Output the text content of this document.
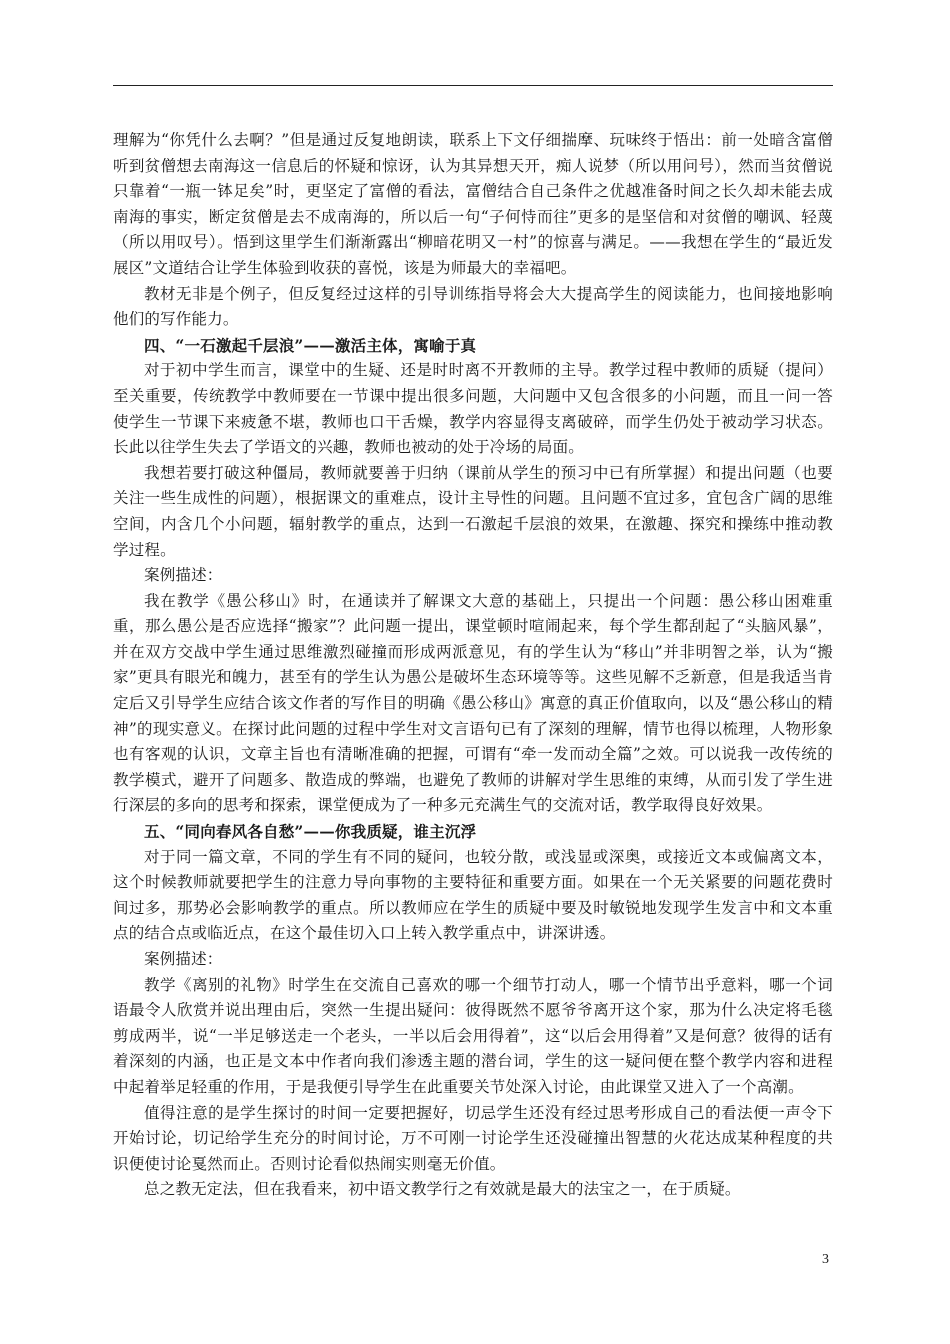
理解为“你凭什么去啊？”但是通过反复地朗读，联系上下文仔细揣摩、玩味终于悟出：前一处暗含富僧听到贫僧想去南海这一信息后的怀疑和惊讶，认为其异想天开，痴人说梦（所以用问号），然而当贫僧说只靠着“一瓶一钵足矣”时，更坚定了富僧的看法，富僧结合自己条件之优越准备时间之长久却未能去成南海的事实，断定贫僧是去不成南海的，所以后一句“子何恃而往”更多的是坚信和对贫僧的嘲讽、轻蔑（所以用叹号）。悟到这里学生们渐渐露出“柳暗花明又一村”的惊喜与满足。——我想在学生的“最近发展区”文道结合让学生体验到收获的喜悦，该是为师最大的幸福吧。

教材无非是个例子，但反复经过这样的引导训练指导将会大大提高学生的阅读能力，也间接地影响他们的写作能力。

四、“一石激起千层浪”——激活主体，寓喻于真

对于初中学生而言，课堂中的生疑、还是时时离不开教师的主导。教学过程中教师的质疑（提问）至关重要，传统教学中教师要在一节课中提出很多问题，大问题中又包含很多的小问题，而且一问一答使学生一节课下来疲惫不堪，教师也口干舌燥，教学内容显得支离破碎，而学生仍处于被动学习状态。长此以往学生失去了学语文的兴趣，教师也被动的处于冷场的局面。

我想若要打破这种僵局，教师就要善于归纳（课前从学生的预习中已有所掌握）和提出问题（也要关注一些生成性的问题），根据课文的重难点，设计主导性的问题。且问题不宜过多，宜包含广阔的思维空间，内含几个小问题，辐射教学的重点，达到一石激起千层浪的效果，在激趣、探究和操练中推动教学过程。

案例描述：

我在教学《愚公移山》时，在通读并了解课文大意的基础上，只提出一个问题：愚公移山困难重重，那么愚公是否应选择“搬家”？此问题一提出，课堂顿时喧闹起来，每个学生都刮起了“头脑风暴”，并在双方交战中学生通过思维激烈碰撞而形成两派意见，有的学生认为“移山”并非明智之举，认为“搬家”更具有眼光和魄力，甚至有的学生认为愚公是破坏生态环境等等。这些见解不乏新意，但是我适当肯定后又引导学生应结合该文作者的写作目的明确《愚公移山》寓意的真正价值取向，以及“愚公移山的精神”的现实意义。在探讨此问题的过程中学生对文言语句已有了深刻的理解，情节也得以梳理，人物形象也有客观的认识，文章主旨也有清晰准确的把握，可谓有“牵一发而动全篇”之效。可以说我一改传统的教学模式，避开了问题多、散造成的弊端，也避免了教师的讲解对学生思维的束缚，从而引发了学生进行深层的多向的思考和探索，课堂便成为了一种多元充满生气的交流对话，教学取得良好效果。

五、“同向春风各自愁”——你我质疑，谁主沉浮

对于同一篇文章，不同的学生有不同的疑问，也较分散，或浅显或深奥，或接近文本或偏离文本，这个时候教师就要把学生的注意力导向事物的主要特征和重要方面。如果在一个无关紧要的问题花费时间过多，那势必会影响教学的重点。所以教师应在学生的质疑中要及时敏锐地发现学生发言中和文本重点的结合点或临近点，在这个最佳切入口上转入教学重点中，讲深讲透。

案例描述：

教学《离别的礼物》时学生在交流自己喜欢的哪一个细节打动人，哪一个情节出乎意料，哪一个词语最令人欣赏并说出理由后，突然一生提出疑问：彼得既然不愿爷爷离开这个家，那为什么决定将毛毯剪成两半，说“一半足够送走一个老头，一半以后会用得着”，这“以后会用得着”又是何意？彼得的话有着深刻的内涵，也正是文本中作者向我们渗透主题的潜台词，学生的这一疑问便在整个教学内容和进程中起着举足轻重的作用，于是我便引导学生在此重要关节处深入讨论，由此课堂又进入了一个高潮。

值得注意的是学生探讨的时间一定要把握好，切忌学生还没有经过思考形成自己的看法便一声令下开始讨论，切记给学生充分的时间讨论，万不可刚一讨论学生还没碰撞出智慧的火花达成某种程度的共识便使讨论戛然而止。否则讨论看似热闹实则毫无价值。

总之教无定法，但在我看来，初中语文教学行之有效就是最大的法宝之一，在于质疑。

3
